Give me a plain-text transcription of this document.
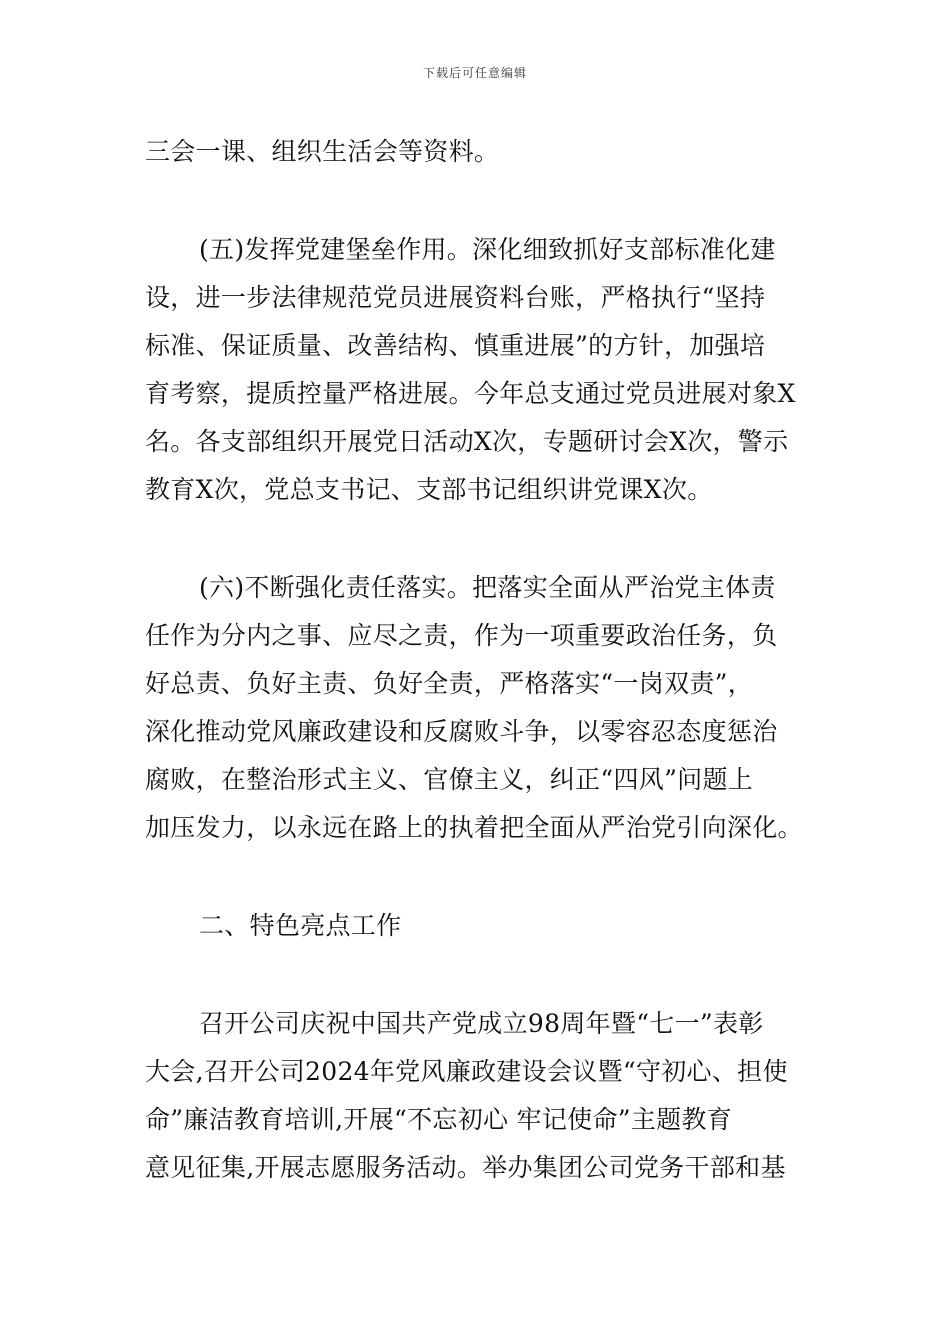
下载后可任意编辑
三会一课、组织生活会等资料。
(五)发挥党建堡垒作用。深化细致抓好支部标准化建
设，进一步法律规范党员进展资料台账，严格执行“坚持
标准、保证质量、改善结构、慎重进展”的方针，加强培
育考察，提质控量严格进展。今年总支通过党员进展对象X
名。各支部组织开展党日活动X次，专题研讨会X次，警示
教育X次，党总支书记、支部书记组织讲党课X次。
(六)不断强化责任落实。把落实全面从严治党主体责
任作为分内之事、应尽之责，作为一项重要政治任务，负
好总责、负好主责、负好全责，严格落实“一岗双责”，
深化推动党风廉政建设和反腐败斗争，以零容忍态度惩治
腐败，在整治形式主义、官僚主义，纠正“四风”问题上
加压发力，以永远在路上的执着把全面从严治党引向深化。
二、特色亮点工作
召开公司庆祝中国共产党成立98周年暨“七一”表彰
大会,召开公司2024年党风廉政建设会议暨“守初心、担使
命”廉洁教育培训,开展“不忘初心 牢记使命”主题教育
意见征集,开展志愿服务活动。举办集团公司党务干部和基
